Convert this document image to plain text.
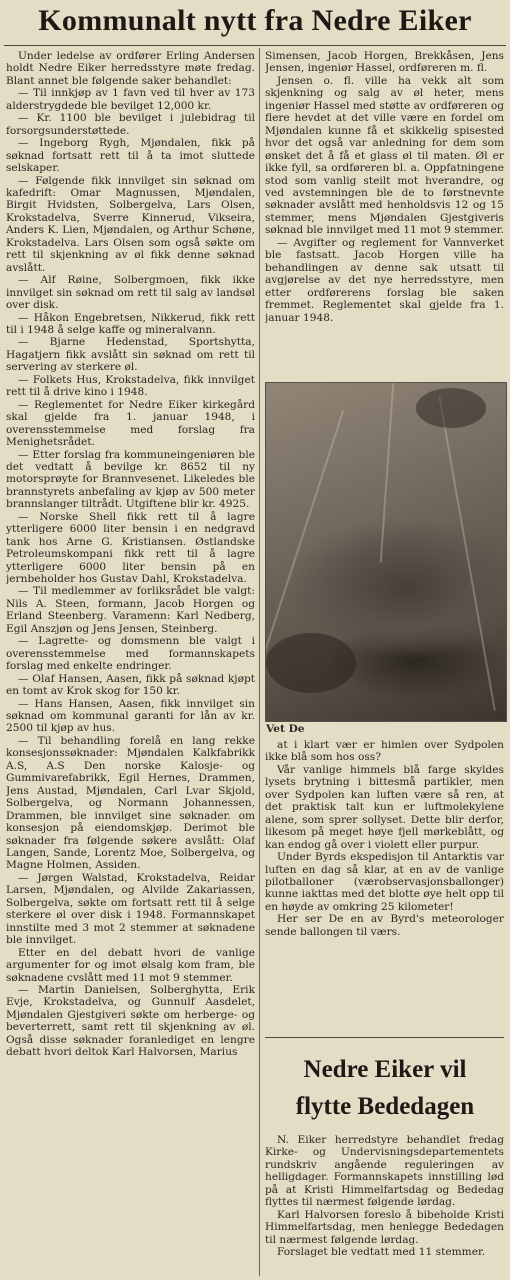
Kommunalt nytt fra Nedre Eiker

Under ledelse av ordfører Erling Andersen holdt Nedre Eiker herredsstyre møte fredag. Blant annet ble følgende saker behandlet:

— Til innkjøp av 1 favn ved til hver av 173 alderstrygdede ble bevilget 12,000 kr.

— Kr. 1100 ble bevilget i julebidrag til forsorgsunderstøttede.

— Ingeborg Rygh, Mjøndalen, fikk på søknad fortsatt rett til å ta imot sluttede selskaper.

— Følgende fikk innvilget sin søknad om kafedrift: Omar Magnussen, Mjøndalen, Birgit Hvidsten, Solbergelva, Lars Olsen, Krokstadelva, Sverre Kinnerud, Vikseira, Anders K. Lien, Mjøndalen, og Arthur Schøne, Krokstadelva. Lars Olsen som også søkte om rett til skjenkning av øl fikk denne søknad avslått.

— Alf Røine, Solbergmoen, fikk ikke innvilget sin søknad om rett til salg av landsøl over disk.

— Håkon Engebretsen, Nikkerud, fikk rett til i 1948 å selge kaffe og mineralvann.

— Bjarne Hedenstad, Sportshytta, Hagatjern fikk avslått sin søknad om rett til servering av sterkere øl.

— Folkets Hus, Krokstadelva, fikk innvilget rett til å drive kino i 1948.

— Reglementet for Nedre Eiker kirkegård skal gjelde fra 1. januar 1948, i overensstemmelse med forslag fra Menighetsrådet.

— Etter forslag fra kommuneingeniøren ble det vedtatt å bevilge kr. 8652 til ny motorsprøyte for Brannvesenet. Likeledes ble brannstyrets anbefaling av kjøp av 500 meter brannslanger tiltrådt. Utgiftene blir kr. 4925.

— Norske Shell fikk rett til å lagre ytterligere 6000 liter bensin i en nedgravd tank hos Arne G. Kristiansen. Østlandske Petroleumskompani fikk rett til å lagre ytterligere 6000 liter bensin på en jernbeholder hos Gustav Dahl, Krokstadelva.

— Til medlemmer av forliksrådet ble valgt: Nils A. Steen, formann, Jacob Horgen og Erland Steenberg. Varamenn: Karl Nedberg, Egil Anszjøn og Jens Jensen, Steinberg.

— Lagrette- og domsmenn ble valgt i overensstemmelse med formannskapets forslag med enkelte endringer.

— Olaf Hansen, Aasen, fikk på søknad kjøpt en tomt av Krok skog for 150 kr.

— Hans Hansen, Aasen, fikk innvilget sin søknad om kommunal garanti for lån av kr. 2500 til kjøp av hus.

— Til behandling forelå en lang rekke konsesjonssøknader: Mjøndalen Kalkfabrikk A.S, A.S Den norske Kalosje- og Gummivarefabrikk, Egil Hernes, Drammen, Jens Austad, Mjøndalen, Carl Lvar Skjold, Solbergelva, og Normann Johannessen, Drammen, ble innvilget sine søknader. om konsesjon på eiendomskjøp. Derimot ble søknader fra følgende søkere avslått: Olaf Langen, Sande, Lorentz Moe, Solbergelva, og Magne Holmen, Assiden.

— Jørgen Walstad, Krokstadelva, Reidar Larsen, Mjøndalen, og Alvilde Zakariassen, Solbergelva, søkte om fortsatt rett til å selge sterkere øl over disk i 1948. Formannskapet innstilte med 3 mot 2 stemmer at søknadene ble innvilget.

Etter en del debatt hvori de vanlige argumenter for og imot ølsalg kom fram, ble søknadene cvslått med 11 mot 9 stemmer.

— Martin Danielsen, Solberghytta, Erik Evje, Krokstadelva, og Gunnulf Aasdelet, Mjøndalen Gjestgiveri søkte om herberge- og beverterrett, samt rett til skjenkning av øl. Også disse søknader foranlediget en lengre debatt hvori deltok Karl Halvorsen, Marius

Simensen, Jacob Horgen, Brekkåsen, Jens Jensen, ingeniør Hassel, ordføreren m. fl.

Jensen o. fl. ville ha vekk alt som skjenkning og salg av øl heter, mens ingeniør Hassel med støtte av ordføreren og flere hevdet at det ville være en fordel om Mjøndalen kunne få et skikkelig spisested hvor det også var anledning for dem som ønsket det å få et glass øl til maten. Øl er ikke fyll, sa ordføreren bl. a. Oppfatningene stod som vanlig steilt mot hverandre, og ved avstemningen ble de to førstnevnte søknader avslått med henholdsvis 12 og 15 stemmer, mens Mjøndalen Gjestgiveris søknad ble innvilget med 11 mot 9 stemmer.

— Avgifter og reglement for Vannverket ble fastsatt. Jacob Horgen ville ha behandlingen av denne sak utsatt til avgjørelse av det nye herredsstyre, men etter ordførerens forslag ble saken fremmet. Reglementet skal gjelde fra 1. januar 1948.

Vet De

at i klart vær er himlen over Sydpolen ikke blå som hos oss?

Vår vanlige himmels blå farge skyldes lysets brytning i bittesmå partikler, men over Sydpolen kan luften være så ren, at det praktisk talt kun er luftmolekylene alene, som sprer sollyset. Dette blir derfor, likesom på meget høye fjell mørkeblått, og kan endog gå over i violett eller purpur.

Under Byrds ekspedisjon til Antarktis var luften en dag så klar, at en av de vanlige pilotballoner (værobservasjonsballonger) kunne iakttas med det blotte øye helt opp til en høyde av omkring 25 kilometer!

Her ser De en av Byrd's meteorologer sende ballongen til værs.

Nedre Eiker vil
flytte Bededagen

N. Eiker herredstyre behandlet fredag Kirke- og Undervisningsdepartementets rundskriv angående reguleringen av helligdager. Formannskapets innstilling lød på at Kristi Himmelfartsdag og Bededag flyttes til nærmest følgende lørdag.

Karl Halvorsen foreslo å bibeholde Kristi Himmelfartsdag, men henlegge Bededagen til nærmest følgende lørdag.

Forslaget ble vedtatt med 11 stemmer.
